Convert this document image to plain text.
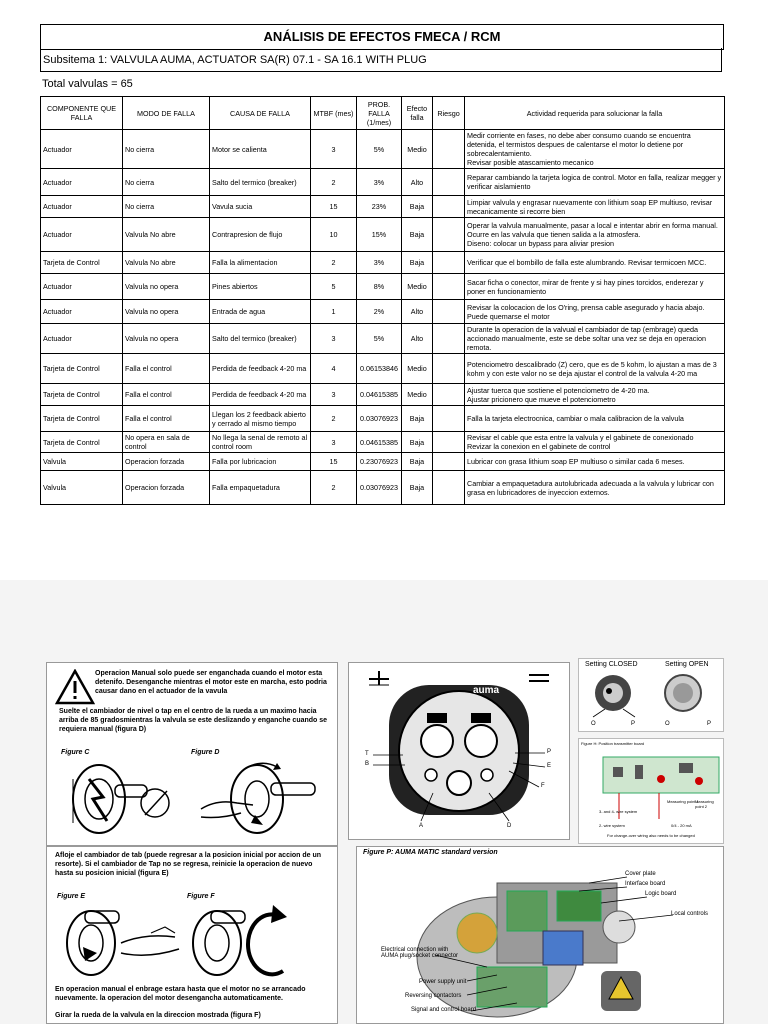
ANÁLISIS DE EFECTOS FMECA / RCM
Subsitema 1: VALVULA AUMA, ACTUATOR SA(R) 07.1 - SA 16.1 WITH PLUG
Total valvulas = 65
COMPONENTE QUE FALLA	MODO DE FALLA	CAUSA DE FALLA	MTBF (mes)	PROB. FALLA (1/mes)	Efecto falla	Riesgo	Actividad requerida para solucionar la falla
Actuador	No cierra	Motor se calienta	3	5%	Medio		Medir corriente en fases, no debe aber consumo cuando se encuentra detenida, el termistos despues de calentarse el motor lo detiene por sobrecalentamiento.
Revisar posible atascamiento mecanico
Actuador	No cierra	Salto del termico (breaker)	2	3%	Alto		Reparar cambiando la tarjeta logica de control. Motor en falla, realizar megger y verificar aislamiento
Actuador	No cierra	Vavula sucia	15	23%	Baja		Limpiar valvula y engrasar nuevamente con lithium soap EP multiuso, revisar mecanicamente si recorre bien
Actuador	Valvula No abre	Contrapresion de flujo	10	15%	Baja		Operar la valvula manualmente, pasar a local e intentar abrir en forma manual. Ocurre en las valvula que tienen salida a la atmosfera.
Diseno: colocar un bypass para aliviar presion
Tarjeta de Control	Valvula No abre	Falla la alimentacion	2	3%	Baja		Verificar que el bombillo de falla este alumbrando. Revisar termicoen MCC.
Actuador	Valvula no opera	Pines abiertos	5	8%	Medio		Sacar ficha o conector, mirar de frente y si hay pines torcidos, enderezar y poner en funcionamiento
Actuador	Valvula no opera	Entrada de agua	1	2%	Alto		Revisar la colocacion de los O'ring, prensa cable asegurado y hacia abajo. Puede quemarse el motor
Actuador	Valvula no opera	Salto del termico (breaker)	3	5%	Alto		Durante la operacion de la valvual el cambiador de tap (embrage) queda accionado manualmente, este se debe soltar una vez se deja en operacion remota.
Tarjeta de Control	Falla el control	Perdida de feedback 4-20 ma	4	0.06153846	Medio		Potenciometro descalibrado (Z) cero, que es de 5 kohm, lo ajustan a mas de 3 kohm y con este valor no se deja ajustar el control de la valvula 4-20 ma
Tarjeta de Control	Falla el control	Perdida de feedback 4-20 ma	3	0.04615385	Medio		Ajustar tuerca que sostiene el potenciometro de 4-20 ma.
Ajustar pricionero que mueve el potenciometro
Tarjeta de Control	Falla el control	Llegan los 2 feedback abierto y cerrado al mismo tiempo	2	0.03076923	Baja		Falla la tarjeta electrocnica, cambiar o mala calibracion de la valvula
Tarjeta de Control	No opera en sala de control	No llega la senal de remoto al control room	3	0.04615385	Baja		Revisar el cable que esta entre la valvula y el gabinete de conexionado
Revizar la conexion en el gabinete de control
Valvula	Operacion forzada	Falla por lubricacion	15	0.23076923	Baja		Lubricar con grasa lithium soap EP multiuso o similar cada 6 meses.
Valvula	Operacion forzada	Falla empaquetadura	2	0.03076923	Baja		Cambiar a empaquetadura autolubricada adecuada a la valvula y lubricar con grasa en lubricadores de inyeccion externos.
Operacion Manual solo puede ser enganchada cuando el motor esta detenifo. Desenganche mientras el motor este en marcha, esto podria causar dano en el actuador de la vavula
Suelte el cambiador de nivel o tap en el centro de la rueda a un maximo hacia arriba de 85 gradosmientras la valvula se este deslizando y enganche cuando se requiera manual (figura D)
Figure C	Figure D
Afloje el cambiador de tab (puede regresar a la posicion inicial por accion de un resorte). Si el cambiador de Tap no se regresa, reinicie la operacion de nuevo hasta su posicion inicial (figura E)
Figure E	Figure F
En operacion manual el enbrage estara hasta que el motor no se arrancado nuevamente. la operacion del motor desengancha automaticamente.
Girar la rueda de la valvula en la direccion mostrada (figura F)
auma
T
B
P
E
F
A	D
Setting CLOSED	Setting OPEN
O	P	O	P
Figure H: Position transmitter board
Measuring point 1
Measuring point 2
3- and 4- wire system
2- wire system	0/4 - 20 mA
For change-over wiring also needs to be changed
Figure P: AUMA MATIC standard version
Cover plate
Interface board
Logic board
Local controls
Electrical connection with AUMA plug/socket connector
Power supply unit
Reversing contactors
Signal and control board
